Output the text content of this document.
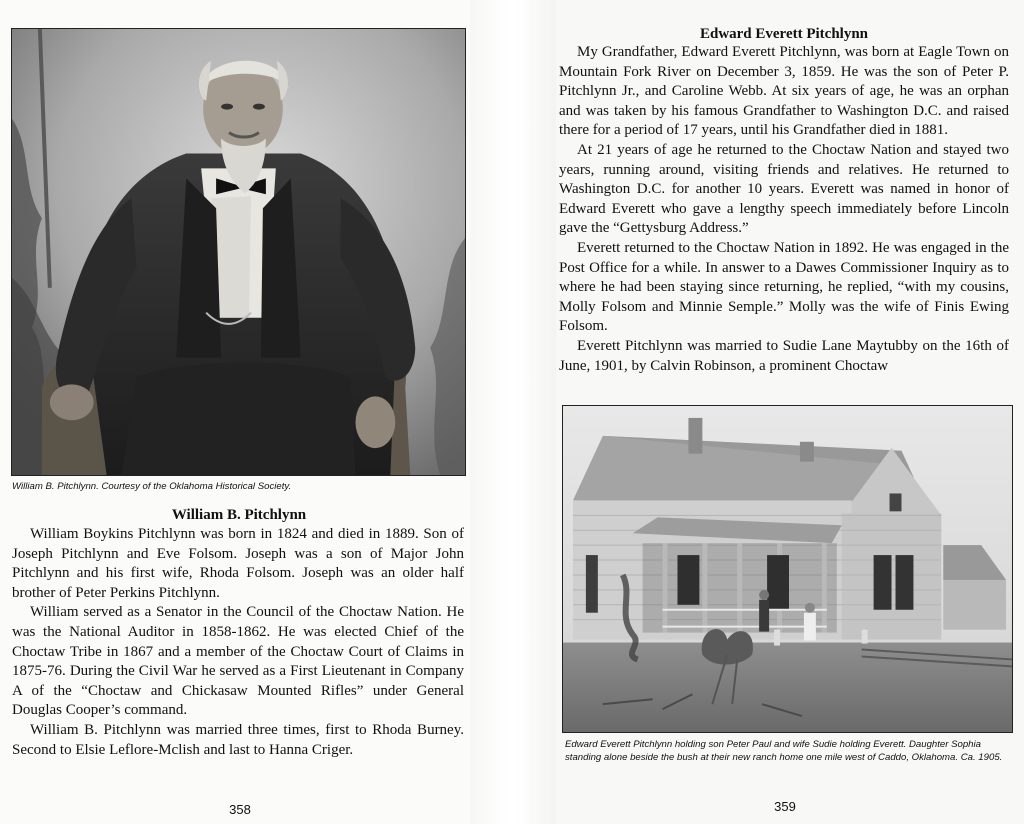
William B. Pitchlynn. Courtesy of the Oklahoma Historical Society.
William B. Pitchlynn

William Boykins Pitchlynn was born in 1824 and died in 1889. Son of Joseph Pitchlynn and Eve Folsom. Joseph was a son of Major John Pitchlynn and his first wife, Rhoda Folsom. Joseph was an older half brother of Peter Perkins Pitchlynn.

William served as a Senator in the Council of the Choctaw Nation. He was the National Auditor in 1858-1862. He was elected Chief of the Choctaw Tribe in 1867 and a member of the Choctaw Court of Claims in 1875-76. During the Civil War he served as a First Lieutenant in Company A of the “Choctaw and Chickasaw Mounted Rifles” under General Douglas Cooper’s command.

William B. Pitchlynn was married three times, first to Rhoda Burney. Second to Elsie Leflore-Mclish and last to Hanna Criger.

358
Edward Everett Pitchlynn

My Grandfather, Edward Everett Pitchlynn, was born at Eagle Town on Mountain Fork River on December 3, 1859. He was the son of Peter P. Pitchlynn Jr., and Caroline Webb. At six years of age, he was an orphan and was taken by his famous Grandfather to Washington D.C. and raised there for a period of 17 years, until his Grandfather died in 1881.

At 21 years of age he returned to the Choctaw Nation and stayed two years, running around, visiting friends and relatives. He returned to Washington D.C. for another 10 years. Everett was named in honor of Edward Everett who gave a lengthy speech immediately before Lincoln gave the “Gettysburg Address.”

Everett returned to the Choctaw Nation in 1892. He was engaged in the Post Office for a while. In answer to a Dawes Commissioner Inquiry as to where he had been staying since returning, he replied, “with my cousins, Molly Folsom and Minnie Semple.” Molly was the wife of Finis Ewing Folsom.

Everett Pitchlynn was married to Sudie Lane Maytubby on the 16th of June, 1901, by Calvin Robinson, a prominent Choctaw

Edward Everett Pitchlynn holding son Peter Paul and wife Sudie holding Everett. Daughter Sophia standing alone beside the bush at their new ranch home one mile west of Caddo, Oklahoma. Ca. 1905.
359
